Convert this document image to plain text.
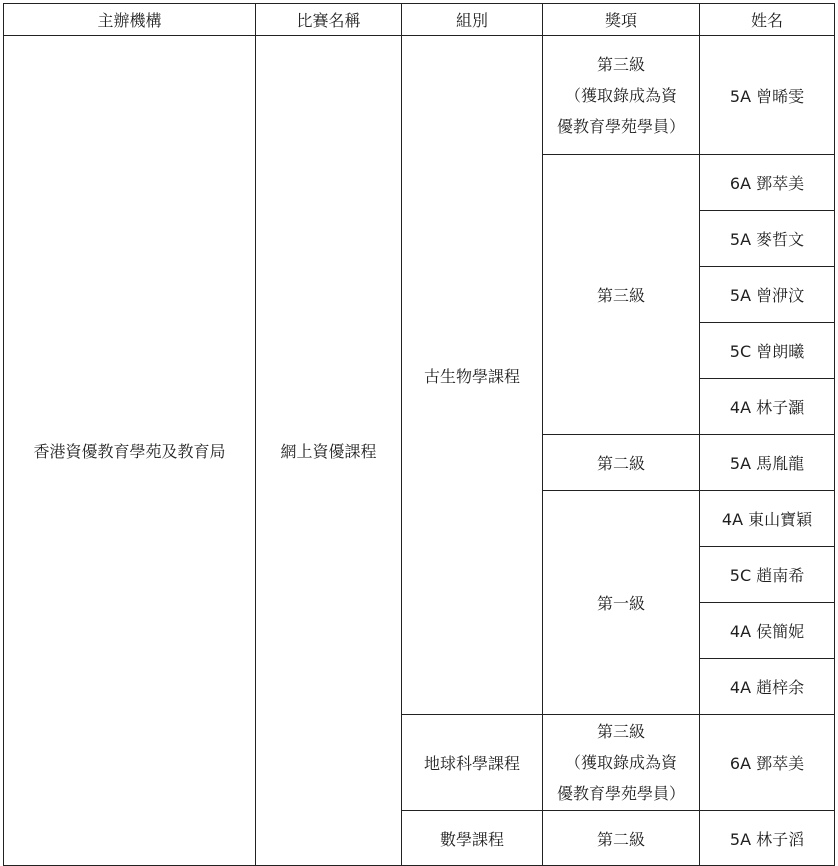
主辦機構	比賽名稱	組別	獎項	姓名
香港資優教育學苑及教育局	網上資優課程	古生物學課程	第三級
（獲取錄成為資
優教育學苑學員）	5A 曾晞雯
			第三級	6A 鄧萃美
				5A 麥哲文
				5A 曾洢汶
				5C 曾朗曦
				4A 林子灝
			第二級	5A 馬胤龍
			第一級	4A 東山寶穎
				5C 趙南希
				4A 侯簡妮
				4A 趙梓余
		地球科學課程	第三級
（獲取錄成為資
優教育學苑學員）	6A 鄧萃美
		數學課程	第二級	5A 林子滔
